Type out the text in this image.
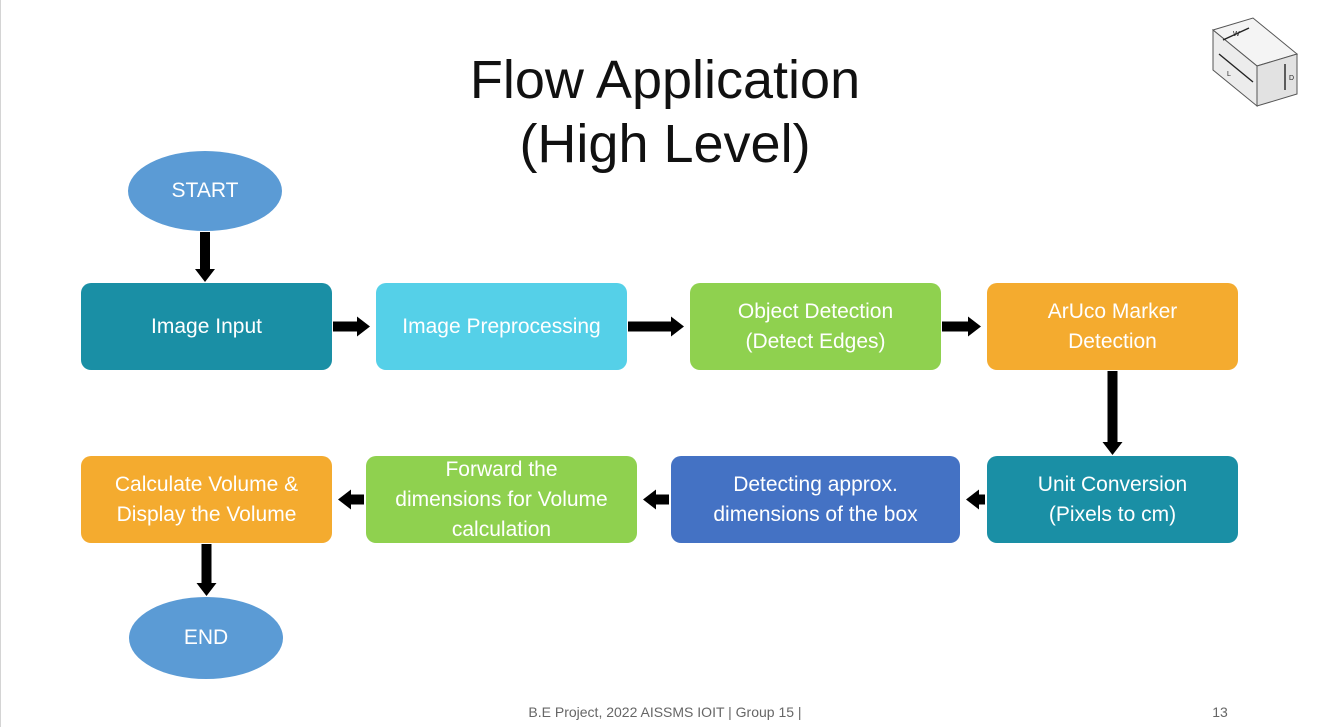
Flow Application
(High Level)
W
L
D
START
Image Input	Image Preprocessing
Object Detection
(Detect Edges)
ArUco Marker
Detection
Unit Conversion
(Pixels to cm)
Detecting approx.
dimensions of the box
Forward the
dimensions for Volume
calculation
Calculate Volume &
Display the Volume
END
B.E Project, 2022 AISSMS IOIT | Group 15 |	13
